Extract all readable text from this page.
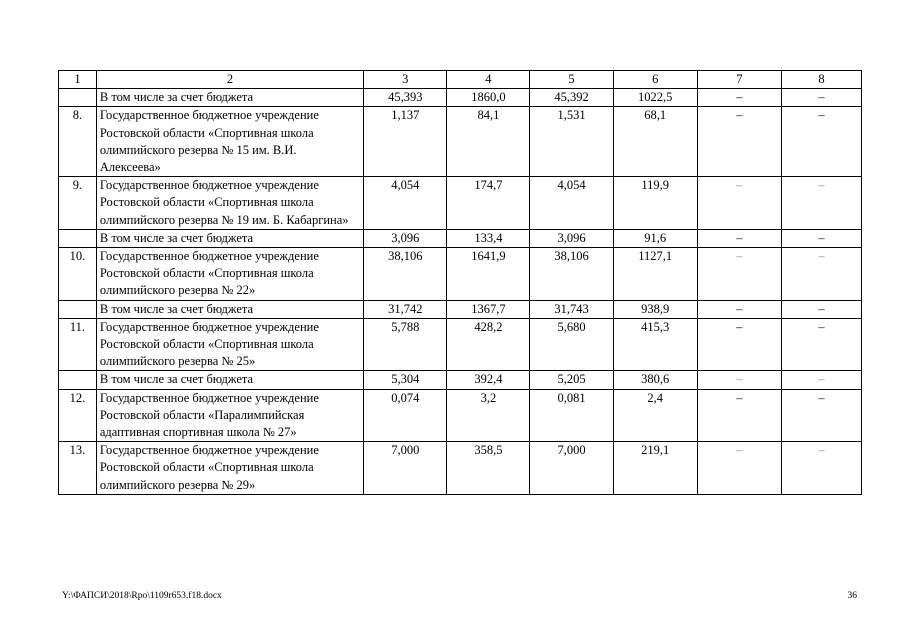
1	2	3	4	5	6	7	8
	В том числе за счет бюджета	45,393	1860,0	45,392	1022,5	–	–
8.	Государственное бюджетное учреждение Ростовской области «Спортивная школа олимпийского резерва № 15 им. В.И. Алексеева»	1,137	84,1	1,531	68,1	–	–
9.	Государственное бюджетное учреждение Ростовской области «Спортивная школа олимпийского резерва № 19 им. Б. Кабаргина»	4,054	174,7	4,054	119,9	–	–
	В том числе за счет бюджета	3,096	133,4	3,096	91,6	–	–
10.	Государственное бюджетное учреждение Ростовской области «Спортивная школа олимпийского резерва № 22»	38,106	1641,9	38,106	1127,1	–	–
	В том числе за счет бюджета	31,742	1367,7	31,743	938,9	–	–
11.	Государственное бюджетное учреждение Ростовской области «Спортивная школа олимпийского резерва № 25»	5,788	428,2	5,680	415,3	–	–
	В том числе за счет бюджета	5,304	392,4	5,205	380,6	–	–
12.	Государственное бюджетное учреждение Ростовской области «Паралимпийская адаптивная спортивная школа № 27»	0,074	3,2	0,081	2,4	–	–
13.	Государственное бюджетное учреждение Ростовской области «Спортивная школа олимпийского резерва № 29»	7,000	358,5	7,000	219,1	–	–
Y:\ФАПСИ\2018\Rpo\1109r653.f18.docx	36
